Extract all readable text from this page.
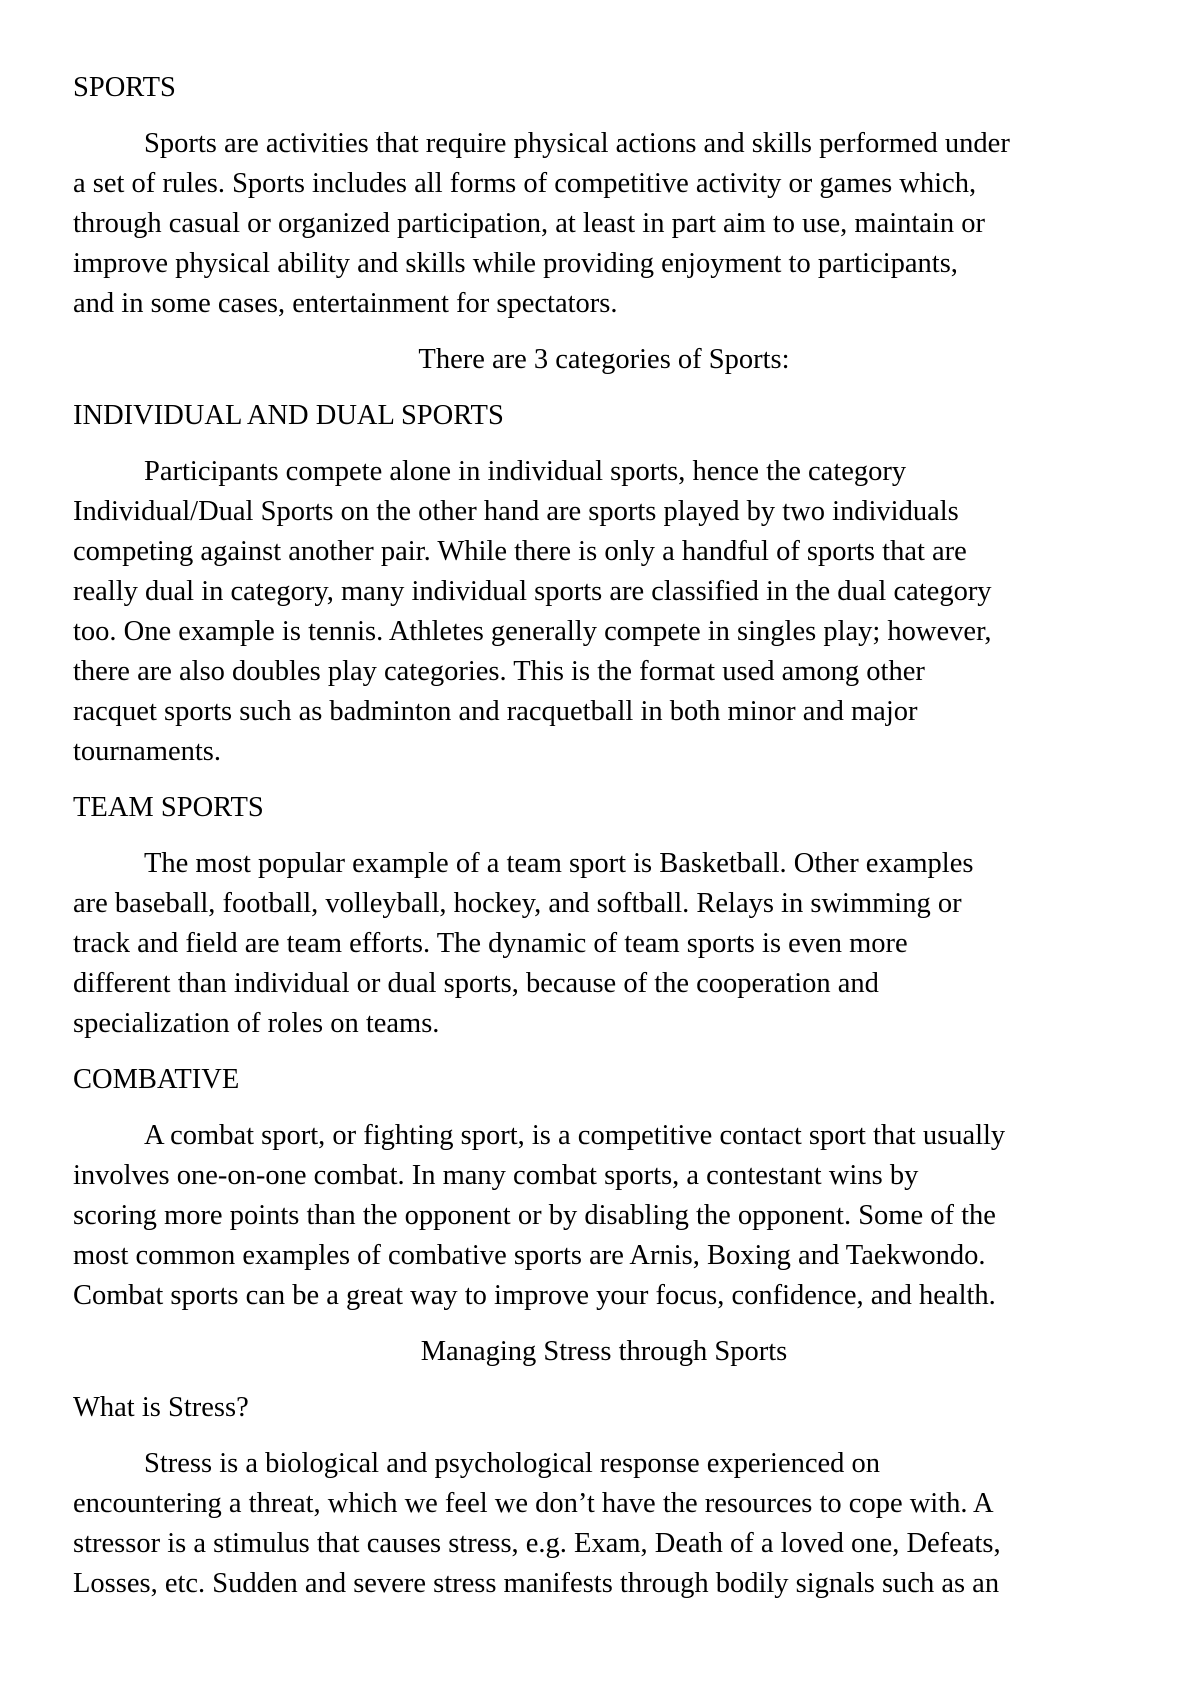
SPORTS
Sports are activities that require physical actions and skills performed under
a set of rules. Sports includes all forms of competitive activity or games which,
through casual or organized participation, at least in part aim to use, maintain or
improve physical ability and skills while providing enjoyment to participants,
and in some cases, entertainment for spectators.
There are 3 categories of Sports:
INDIVIDUAL AND DUAL SPORTS
Participants compete alone in individual sports, hence the category
Individual/Dual Sports on the other hand are sports played by two individuals
competing against another pair. While there is only a handful of sports that are
really dual in category, many individual sports are classified in the dual category
too. One example is tennis. Athletes generally compete in singles play; however,
there are also doubles play categories. This is the format used among other
racquet sports such as badminton and racquetball in both minor and major
tournaments.
TEAM SPORTS
The most popular example of a team sport is Basketball. Other examples
are baseball, football, volleyball, hockey, and softball. Relays in swimming or
track and field are team efforts. The dynamic of team sports is even more
different than individual or dual sports, because of the cooperation and
specialization of roles on teams.
COMBATIVE
A combat sport, or fighting sport, is a competitive contact sport that usually
involves one-on-one combat. In many combat sports, a contestant wins by
scoring more points than the opponent or by disabling the opponent. Some of the
most common examples of combative sports are Arnis, Boxing and Taekwondo.
Combat sports can be a great way to improve your focus, confidence, and health.
Managing Stress through Sports
What is Stress?
Stress is a biological and psychological response experienced on
encountering a threat, which we feel we don’t have the resources to cope with. A
stressor is a stimulus that causes stress, e.g. Exam, Death of a loved one, Defeats,
Losses, etc. Sudden and severe stress manifests through bodily signals such as an
